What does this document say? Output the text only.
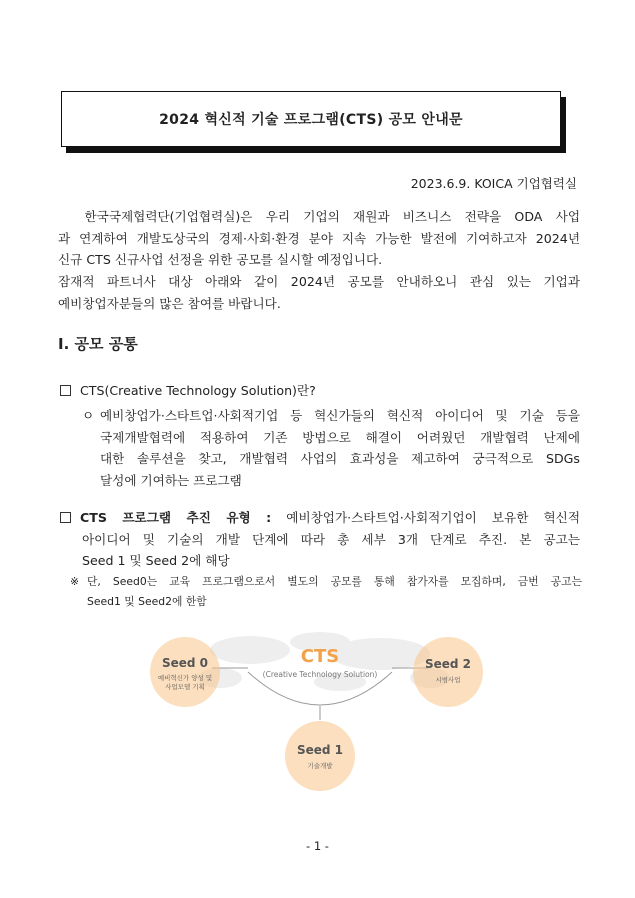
2024 혁신적 기술 프로그램(CTS) 공모 안내문
2023.6.9. KOICA 기업협력실
한국국제협력단(기업협력실)은 우리 기업의 재원과 비즈니스 전략을 ODA 사업
과 연계하여 개발도상국의 경제·사회·환경 분야 지속 가능한 발전에 기여하고자 2024년
신규 CTS 신규사업 선정을 위한 공모를 실시할 예정입니다.
잠재적 파트너사 대상 아래와 같이 2024년 공모를 안내하오니 관심 있는 기업과
예비창업자분들의 많은 참여를 바랍니다.
I. 공모 공통
CTS(Creative Technology Solution)란?
ㅇ 예비창업가·스타트업·사회적기업 등 혁신가들의 혁신적 아이디어 및 기술 등을
국제개발협력에 적용하여 기존 방법으로 해결이 어려웠던 개발협력 난제에
대한 솔루션을 찾고, 개발협력 사업의 효과성을 제고하여 궁극적으로 SDGs
달성에 기여하는 프로그램
CTS 프로그램 추진 유형 : 예비창업가·스타트업·사회적기업이 보유한 혁신적
아이디어 및 기술의 개발 단계에 따라 총 세부 3개 단계로 추진. 본 공고는
Seed 1 및 Seed 2에 해당
※ 단, Seed0는 교육 프로그램으로서 별도의 공모를 통해 참가자를 모집하며, 금번 공고는
Seed1 및 Seed2에 한함
CTS
(Creative Technology Solution)
Seed 0
예비혁신가 양성 및
사업모델 기획
Seed 2
시범사업
Seed 1
기술개발
- 1 -
